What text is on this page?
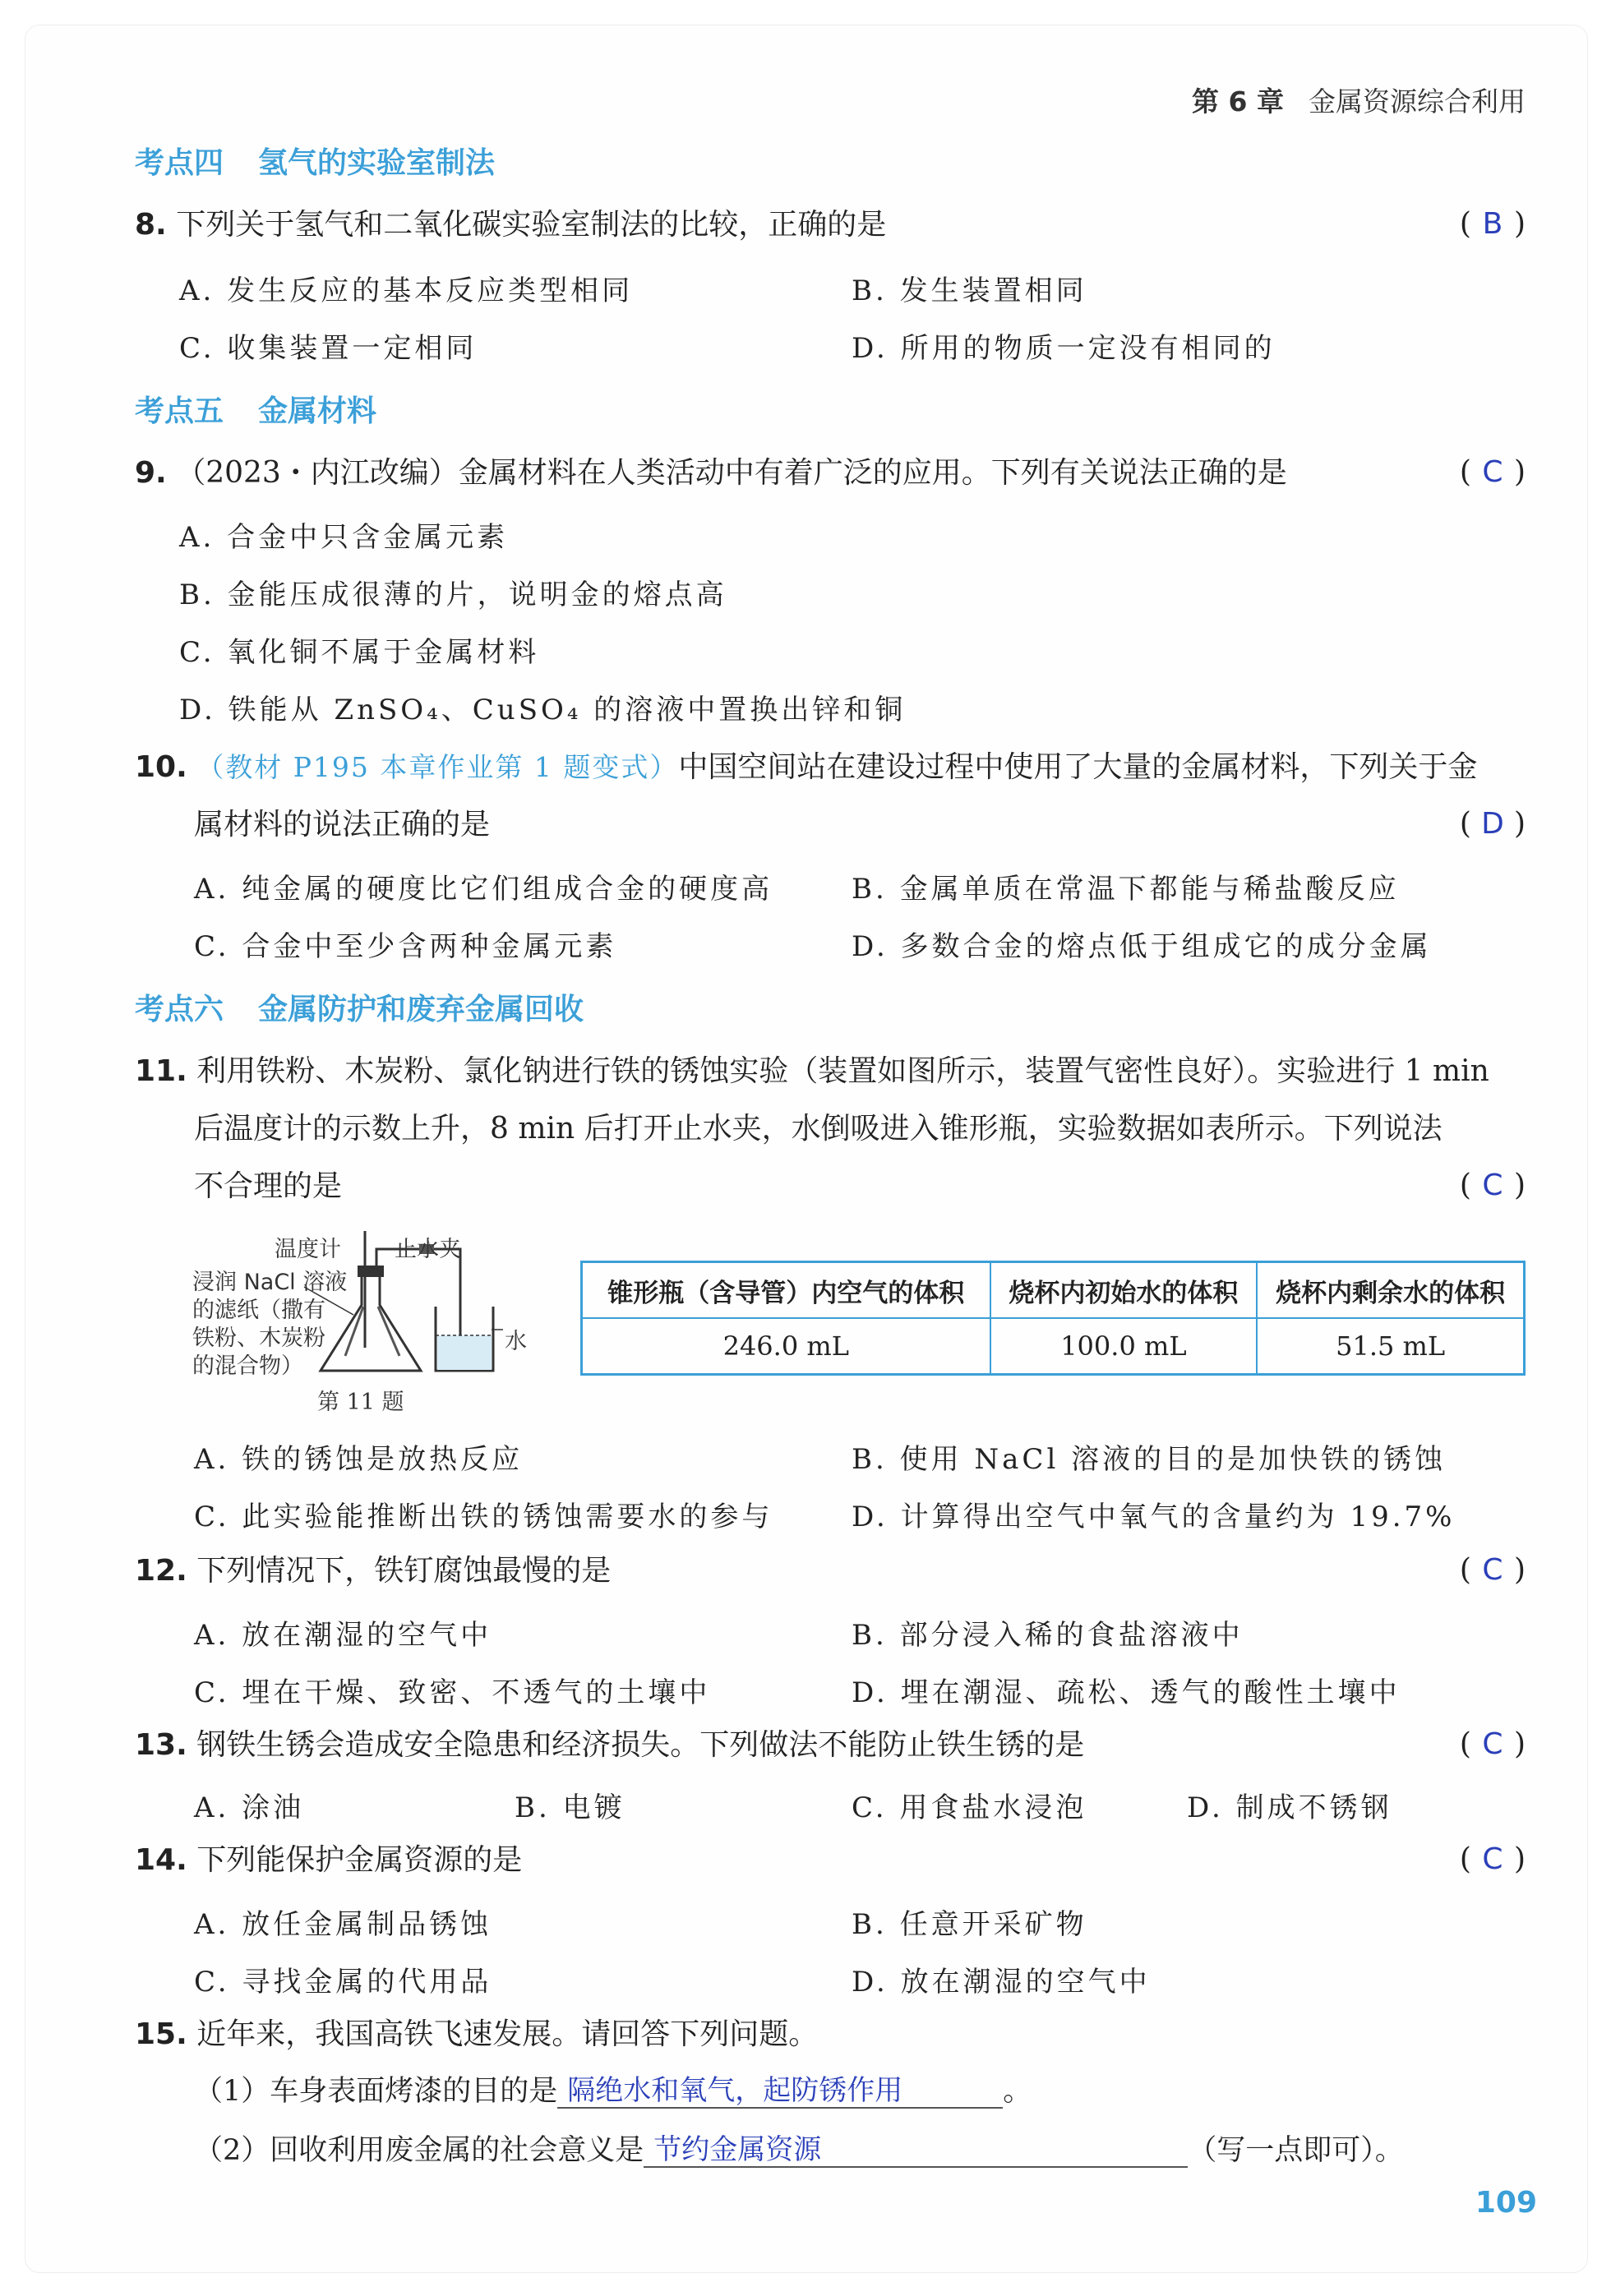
第 6 章 金属资源综合利用
考点四 氢气的实验室制法
8. 下列关于氢气和二氧化碳实验室制法的比较，正确的是	( B )
A. 发生反应的基本反应类型相同	B. 发生装置相同
C. 收集装置一定相同	D. 所用的物质一定没有相同的
考点五 金属材料
9. （2023・内江改编）金属材料在人类活动中有着广泛的应用。下列有关说法正确的是	( C )
A. 合金中只含金属元素
B. 金能压成很薄的片，说明金的熔点高
C. 氧化铜不属于金属材料
D. 铁能从 ZnSO₄、CuSO₄ 的溶液中置换出锌和铜
10. （教材 P195 本章作业第 1 题变式）中国空间站在建设过程中使用了大量的金属材料，下列关于金
属材料的说法正确的是	( D )
A. 纯金属的硬度比它们组成合金的硬度高	B. 金属单质在常温下都能与稀盐酸反应
C. 合金中至少含两种金属元素	D. 多数合金的熔点低于组成它的成分金属
考点六 金属防护和废弃金属回收
11. 利用铁粉、木炭粉、氯化钠进行铁的锈蚀实验（装置如图所示，装置气密性良好）。实验进行 1 min
后温度计的示数上升，8 min 后打开止水夹，水倒吸进入锥形瓶，实验数据如表所示。下列说法
不合理的是	( C )
温度计 止水夹
浸润 NaCl 溶液
的滤纸（撒有
铁粉、木炭粉
的混合物）
水
第 11 题
锥形瓶（含导管）内空气的体积	烧杯内初始水的体积	烧杯内剩余水的体积
246.0 mL	100.0 mL	51.5 mL
A. 铁的锈蚀是放热反应	B. 使用 NaCl 溶液的目的是加快铁的锈蚀
C. 此实验能推断出铁的锈蚀需要水的参与	D. 计算得出空气中氧气的含量约为 19.7%
12. 下列情况下，铁钉腐蚀最慢的是	( C )
A. 放在潮湿的空气中	B. 部分浸入稀的食盐溶液中
C. 埋在干燥、致密、不透气的土壤中	D. 埋在潮湿、疏松、透气的酸性土壤中
13. 钢铁生锈会造成安全隐患和经济损失。下列做法不能防止铁生锈的是	( C )
A. 涂油	B. 电镀	C. 用食盐水浸泡	D. 制成不锈钢
14. 下列能保护金属资源的是	( C )
A. 放任金属制品锈蚀	B. 任意开采矿物
C. 寻找金属的代用品	D. 放在潮湿的空气中
15. 近年来，我国高铁飞速发展。请回答下列问题。
（1）车身表面烤漆的目的是 隔绝水和氧气，起防锈作用	。
（2）回收利用废金属的社会意义是 节约金属资源	（写一点即可）。
109
